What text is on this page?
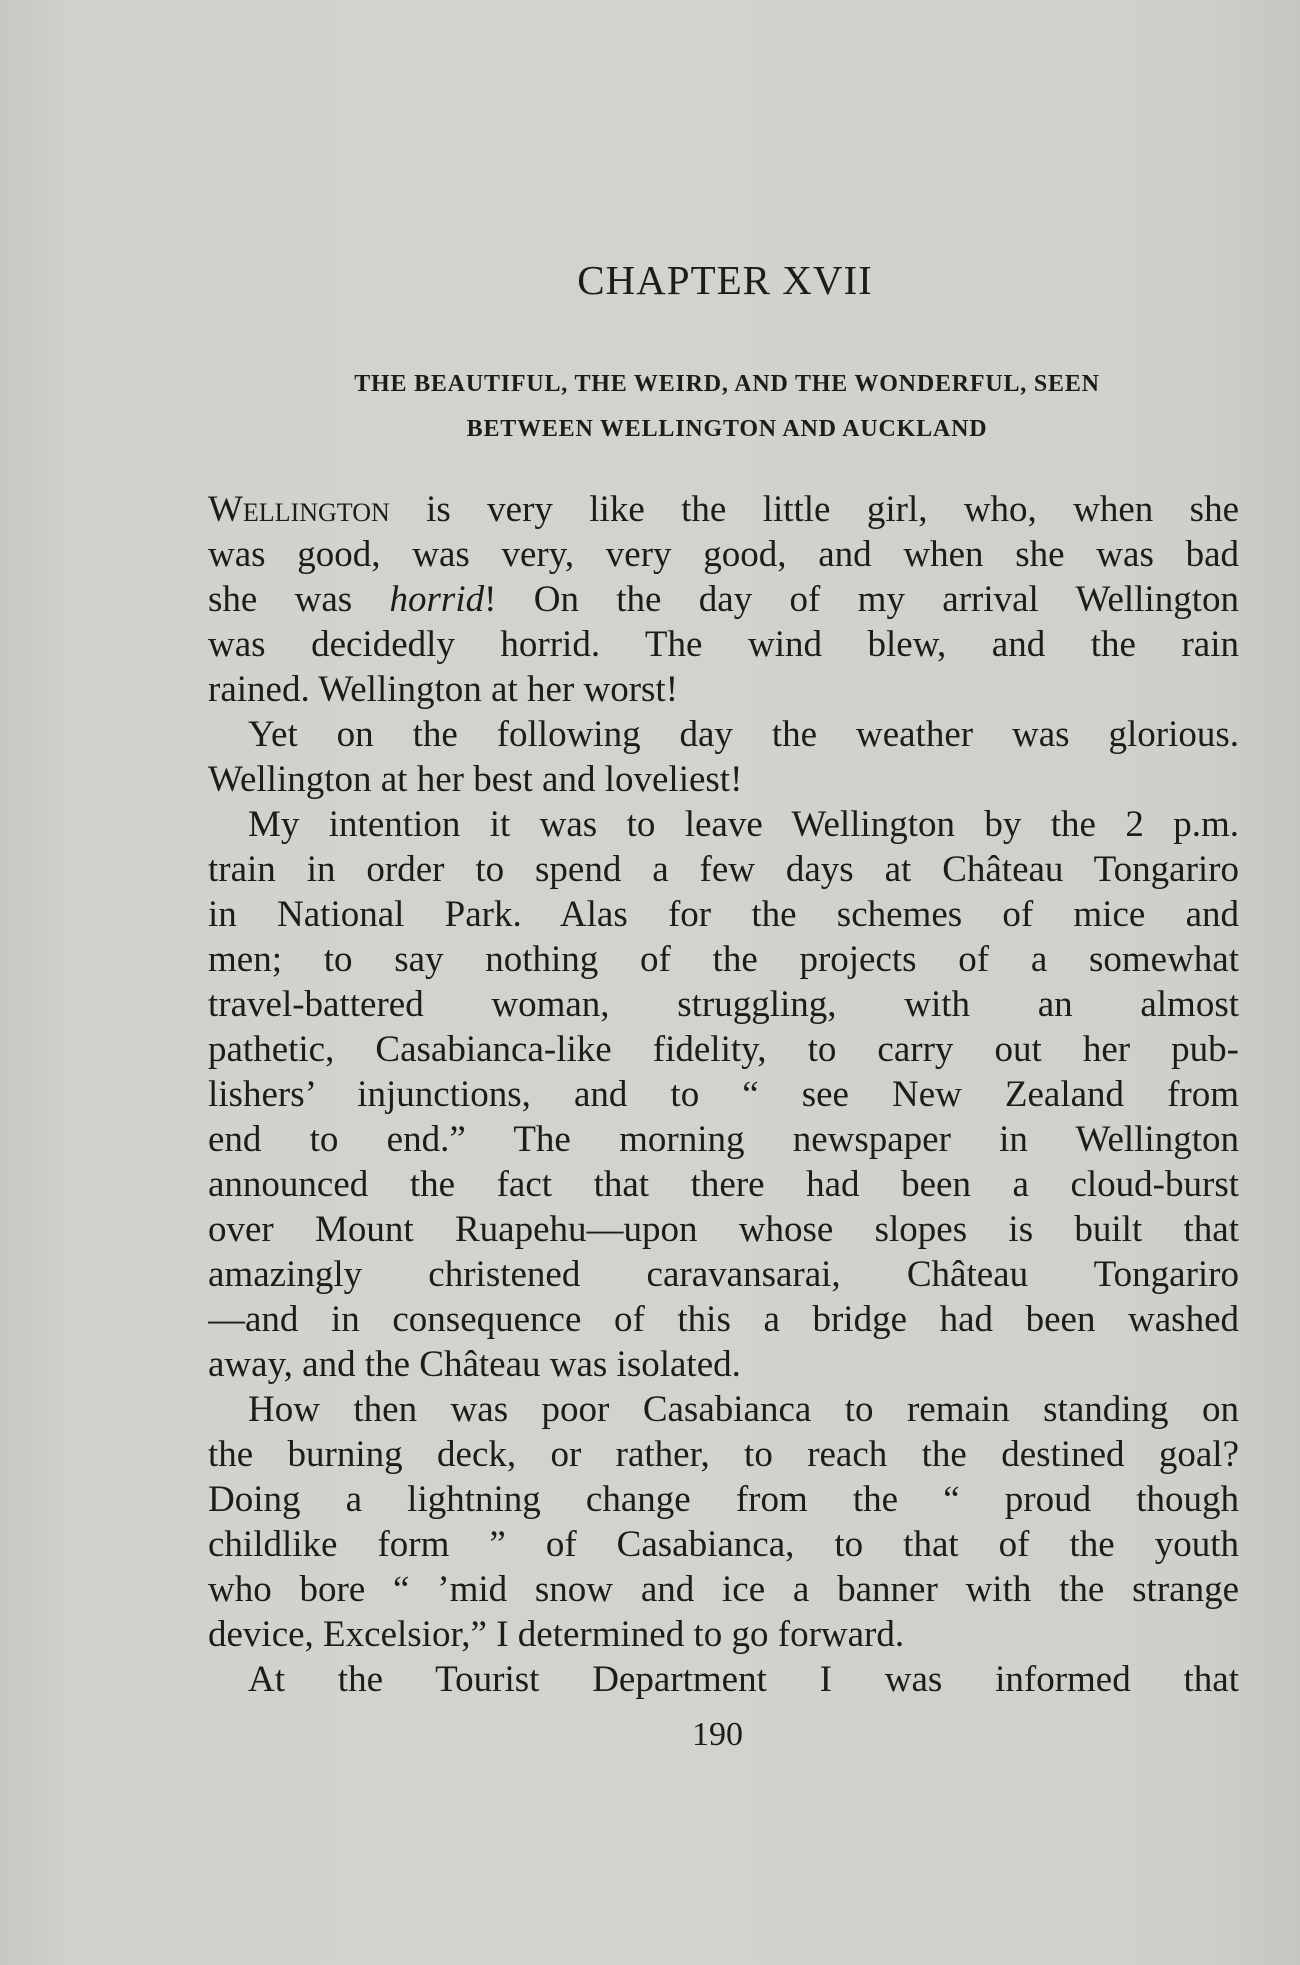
CHAPTER XVII
THE BEAUTIFUL, THE WEIRD, AND THE WONDERFUL, SEEN
BETWEEN WELLINGTON AND AUCKLAND
Wellington is very like the little girl, who, when she
was good, was very, very good, and when she was bad
she was horrid! On the day of my arrival Wellington
was decidedly horrid. The wind blew, and the rain
rained. Wellington at her worst!
Yet on the following day the weather was glorious.
Wellington at her best and loveliest!
My intention it was to leave Wellington by the 2 p.m.
train in order to spend a few days at Château Tongariro
in National Park. Alas for the schemes of mice and
men; to say nothing of the projects of a somewhat
travel-battered woman, struggling, with an almost
pathetic, Casabianca-like fidelity, to carry out her pub-
lishers’ injunctions, and to “ see New Zealand from
end to end.” The morning newspaper in Wellington
announced the fact that there had been a cloud-burst
over Mount Ruapehu—upon whose slopes is built that
amazingly christened caravansarai, Château Tongariro
—and in consequence of this a bridge had been washed
away, and the Château was isolated.
How then was poor Casabianca to remain standing on
the burning deck, or rather, to reach the destined goal?
Doing a lightning change from the “ proud though
childlike form ” of Casabianca, to that of the youth
who bore “ ’mid snow and ice a banner with the strange
device, Excelsior,” I determined to go forward.
At the Tourist Department I was informed that

190
